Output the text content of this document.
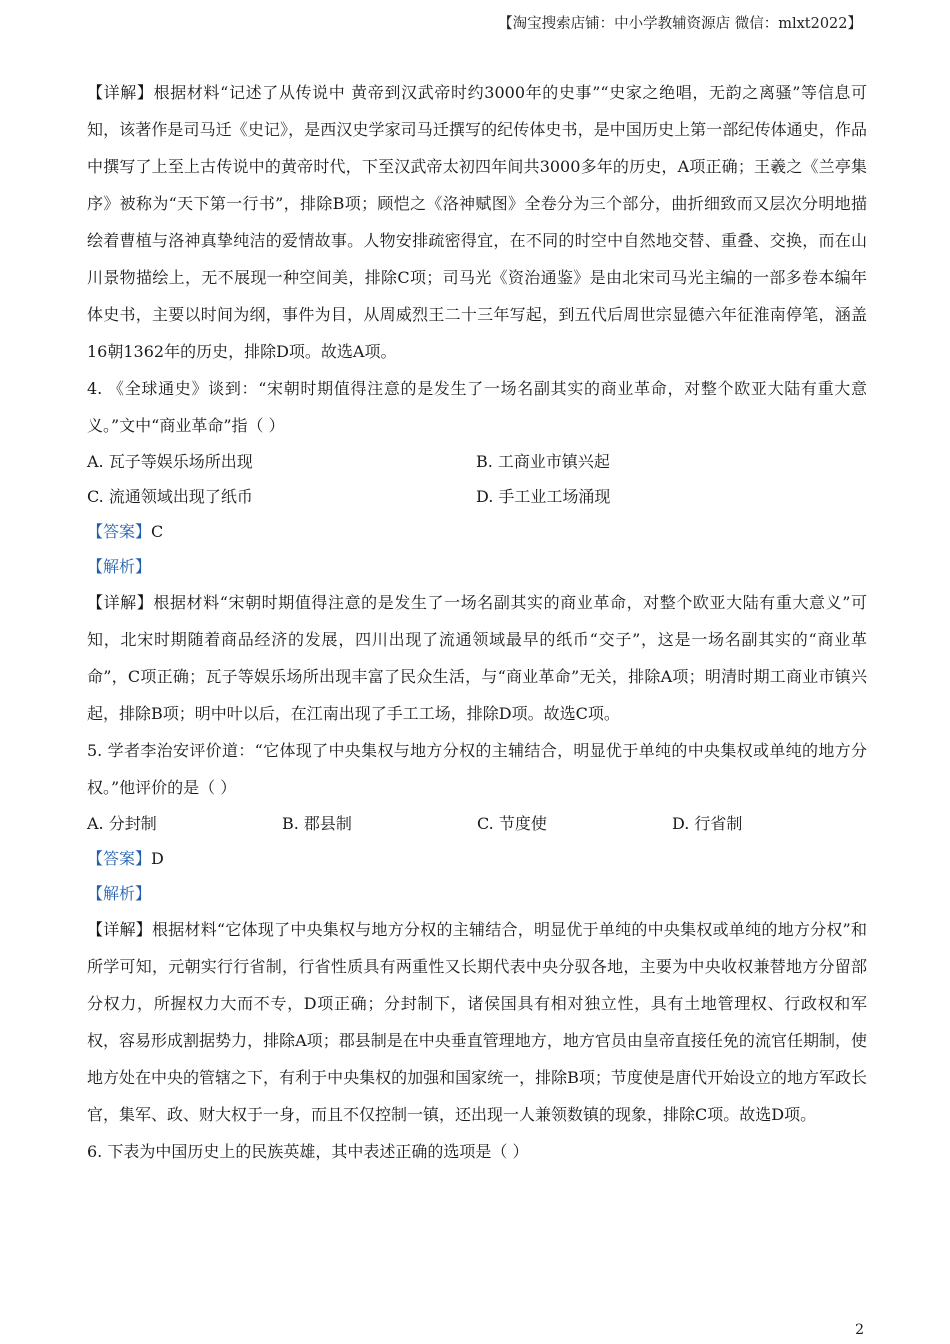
【淘宝搜索店铺：中小学教辅资源店 微信：mlxt2022】

【详解】根据材料“记述了从传说中 黄帝到汉武帝时约3000年的史事”“史家之绝唱，无韵之离骚”等信息可知，该著作是司马迁《史记》，是西汉史学家司马迁撰写的纪传体史书，是中国历史上第一部纪传体通史，作品中撰写了上至上古传说中的黄帝时代，下至汉武帝太初四年间共3000多年的历史，A项正确；王羲之《兰亭集序》被称为“天下第一行书”，排除B项；顾恺之《洛神赋图》全卷分为三个部分，曲折细致而又层次分明地描绘着曹植与洛神真挚纯洁的爱情故事。人物安排疏密得宜，在不同的时空中自然地交替、重叠、交换，而在山川景物描绘上，无不展现一种空间美，排除C项；司马光《资治通鉴》是由北宋司马光主编的一部多卷本编年体史书，主要以时间为纲，事件为目，从周威烈王二十三年写起，到五代后周世宗显德六年征淮南停笔，涵盖16朝1362年的历史，排除D项。故选A项。

4. 《全球通史》谈到：“宋朝时期值得注意的是发生了一场名副其实的商业革命，对整个欧亚大陆有重大意义。”文中“商业革命”指（ ）

A. 瓦子等娱乐场所出现	B. 工商业市镇兴起
C. 流通领域出现了纸币	D. 手工业工场涌现
【答案】C
【解析】

【详解】根据材料“宋朝时期值得注意的是发生了一场名副其实的商业革命，对整个欧亚大陆有重大意义”可知，北宋时期随着商品经济的发展，四川出现了流通领域最早的纸币“交子”，这是一场名副其实的“商业革命”，C项正确；瓦子等娱乐场所出现丰富了民众生活，与“商业革命”无关，排除A项；明清时期工商业市镇兴起，排除B项；明中叶以后，在江南出现了手工工场，排除D项。故选C项。

5. 学者李治安评价道：“它体现了中央集权与地方分权的主辅结合，明显优于单纯的中央集权或单纯的地方分权。”他评价的是（ ）

A. 分封制	B. 郡县制	C. 节度使	D. 行省制
【答案】D
【解析】

【详解】根据材料“它体现了中央集权与地方分权的主辅结合，明显优于单纯的中央集权或单纯的地方分权”和所学可知，元朝实行行省制，行省性质具有两重性又长期代表中央分驭各地，主要为中央收权兼替地方分留部分权力，所握权力大而不专，D项正确；分封制下，诸侯国具有相对独立性，具有土地管理权、行政权和军权，容易形成割据势力，排除A项；郡县制是在中央垂直管理地方，地方官员由皇帝直接任免的流官任期制，使地方处在中央的管辖之下，有利于中央集权的加强和国家统一，排除B项；节度使是唐代开始设立的地方军政长官，集军、政、财大权于一身，而且不仅控制一镇，还出现一人兼领数镇的现象，排除C项。故选D项。

6. 下表为中国历史上的民族英雄，其中表述正确的选项是（ ）

2
